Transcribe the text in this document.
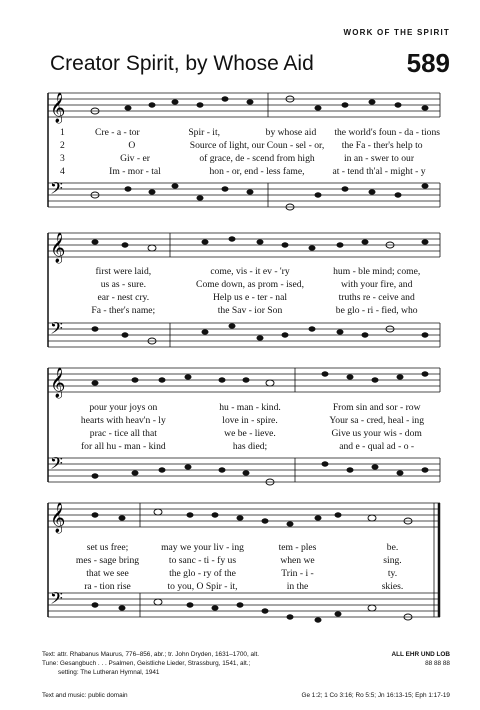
WORK OF THE SPIRIT
Creator Spirit, by Whose Aid	589
𝄞
𝄢
1	Cre - a - tor	Spir - it,	by whose aid	the world's foun - da - tions
2	O	Source of light, our Coun - sel - or,	the Fa - ther's help to
3	Giv - er	of grace, de - scend from high	in an - swer to our
4	Im - mor - tal	hon - or, end - less fame,	at - tend th'al - might - y
𝄞
𝄢
first were laid,	come, vis - it ev - 'ry	hum - ble mind; come,
us as - sure.	Come down, as prom - ised,	with your fire, and
ear - nest cry.	Help us e - ter - nal	truths re - ceive and
Fa - ther's name;	the Sav - ior Son	be glo - ri - fied, who
𝄞
𝄢
pour your joys on	hu - man - kind.	From sin and sor - row
hearts with heav'n - ly	love in - spire.	Your sa - cred, heal - ing
prac - tice all that	we be - lieve.	Give us your wis - dom
for all hu - man - kind	has died;	and e - qual ad - o -
𝄞
𝄢
set us free;	may we your liv - ing	tem - ples	be.
mes - sage bring	to sanc - ti - fy us	when we	sing.
that we see	the glo - ry of the	Trin - i -	ty.
ra - tion rise	to you, O Spir - it,	in the	skies.
Text: attr. Rhabanus Maurus, 776–856, abr.; tr. John Dryden, 1631–1700, alt.
Tune: Gesangbuch . . . Psalmen, Geistliche Lieder, Strassburg, 1541, alt.;
setting: The Lutheran Hymnal, 1941
ALL EHR UND LOB
88 88 88
Text and music: public domain	Ge 1:2; 1 Co 3:16; Ro 5:5; Jn 16:13-15; Eph 1:17-19
